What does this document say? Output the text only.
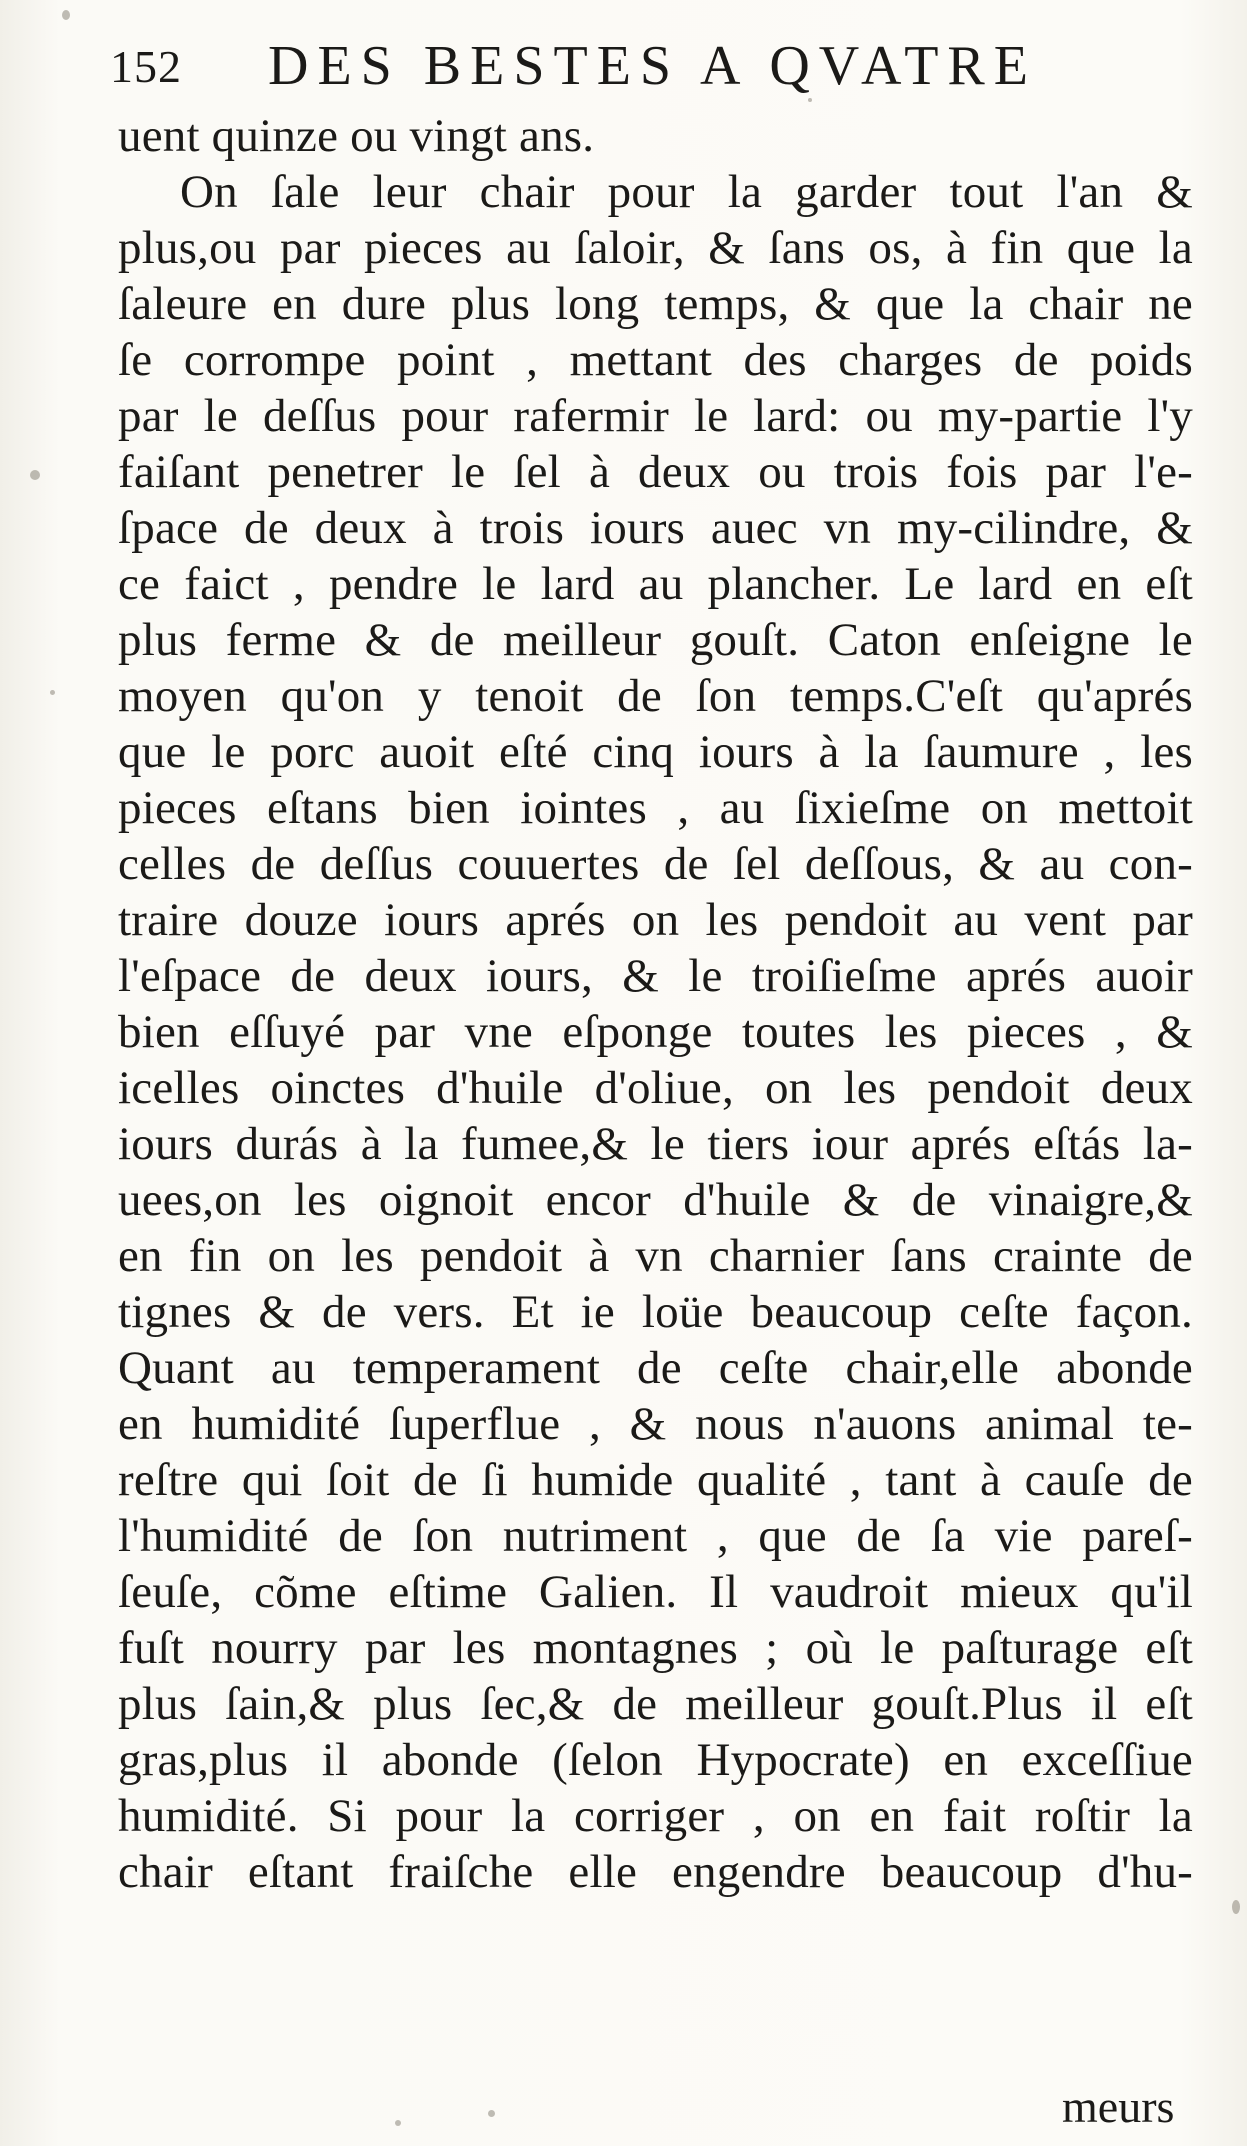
152 DES BESTES A QVATRE
uent quinze ou vingt ans.
On ſale leur chair pour la garder tout l'an &
plus,ou par pieces au ſaloir, & ſans os, à fin que la
ſaleure en dure plus long temps, & que la chair ne
ſe corrompe point , mettant des charges de poids
par le deſſus pour rafermir le lard: ou my-partie l'y
faiſant penetrer le ſel à deux ou trois fois par l'e-
ſpace de deux à trois iours auec vn my-cilindre, &
ce faict , pendre le lard au plancher. Le lard en eſt
plus ferme & de meilleur gouſt. Caton enſeigne le
moyen qu'on y tenoit de ſon temps.C'eſt qu'aprés
que le porc auoit eſté cinq iours à la ſaumure , les
pieces eſtans bien iointes , au ſixieſme on mettoit
celles de deſſus couuertes de ſel deſſous, & au con-
traire douze iours aprés on les pendoit au vent par
l'eſpace de deux iours, & le troiſieſme aprés auoir
bien eſſuyé par vne eſponge toutes les pieces , &
icelles oinctes d'huile d'oliue, on les pendoit deux
iours durás à la fumee,& le tiers iour aprés eſtás la-
uees,on les oignoit encor d'huile & de vinaigre,&
en fin on les pendoit à vn charnier ſans crainte de
tignes & de vers. Et ie loüe beaucoup ceſte façon.
Quant au temperament de ceſte chair,elle abonde
en humidité ſuperflue , & nous n'auons animal te-
reſtre qui ſoit de ſi humide qualité , tant à cauſe de
l'humidité de ſon nutriment , que de ſa vie pareſ-
ſeuſe, cõme eſtime Galien. Il vaudroit mieux qu'il
fuſt nourry par les montagnes ; où le paſturage eſt
plus ſain,& plus ſec,& de meilleur gouſt.Plus il eſt
gras,plus il abonde (ſelon Hypocrate) en exceſſiue
humidité. Si pour la corriger , on en fait roſtir la
chair eſtant fraiſche elle engendre beaucoup d'hu-
meurs
